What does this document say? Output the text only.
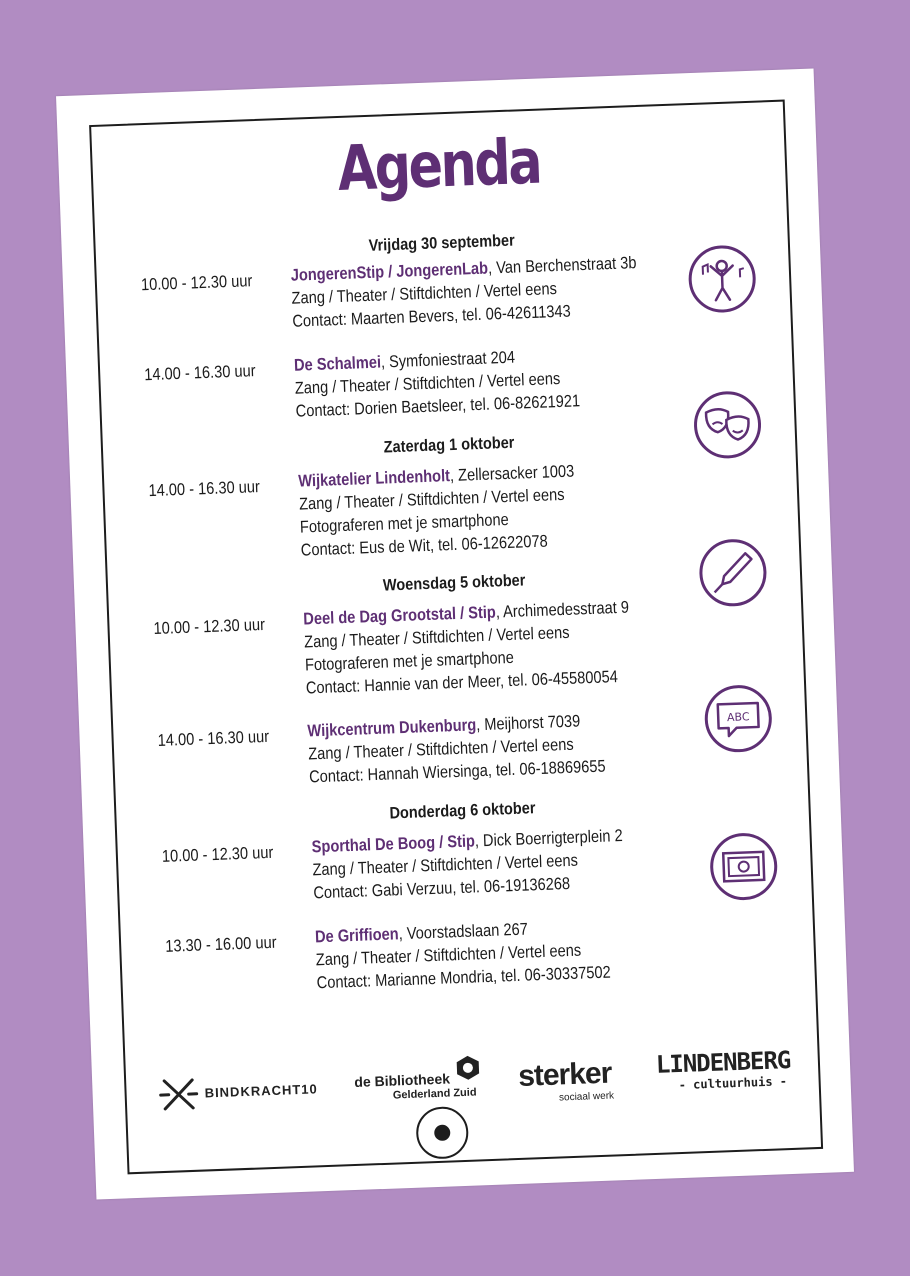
Agenda
Vrijdag 30 september
10.00 - 12.30 uur JongerenStip / JongerenLab, Van Berchenstraat 3b
Zang / Theater / Stiftdichten / Vertel eens
Contact: Maarten Bevers, tel. 06-42611343
14.00 - 16.30 uur De Schalmei, Symfoniestraat 204
Zang / Theater / Stiftdichten / Vertel eens
Contact: Dorien Baetsleer, tel. 06-82621921
Zaterdag 1 oktober
14.00 - 16.30 uur Wijkatelier Lindenholt, Zellersacker 1003
Zang / Theater / Stiftdichten / Vertel eens
Fotograferen met je smartphone
Contact: Eus de Wit, tel. 06-12622078
Woensdag 5 oktober
10.00 - 12.30 uur Deel de Dag Grootstal / Stip, Archimedesstraat 9
Zang / Theater / Stiftdichten / Vertel eens
Fotograferen met je smartphone
Contact: Hannie van der Meer, tel. 06-45580054
14.00 - 16.30 uur Wijkcentrum Dukenburg, Meijhorst 7039
Zang / Theater / Stiftdichten / Vertel eens
Contact: Hannah Wiersinga, tel. 06-18869655
Donderdag 6 oktober
10.00 - 12.30 uur Sporthal De Boog / Stip, Dick Boerrigterplein 2
Zang / Theater / Stiftdichten / Vertel eens
Contact: Gabi Verzuu, tel. 06-19136268
13.30 - 16.00 uur De Griffioen, Voorstadslaan 267
Zang / Theater / Stiftdichten / Vertel eens
Contact: Marianne Mondria, tel. 06-30337502
ABC
BINDKRACHT10
de Bibliotheek
Gelderland Zuid
sterker
sociaal werk
LINDENBERG
- cultuurhuis -
